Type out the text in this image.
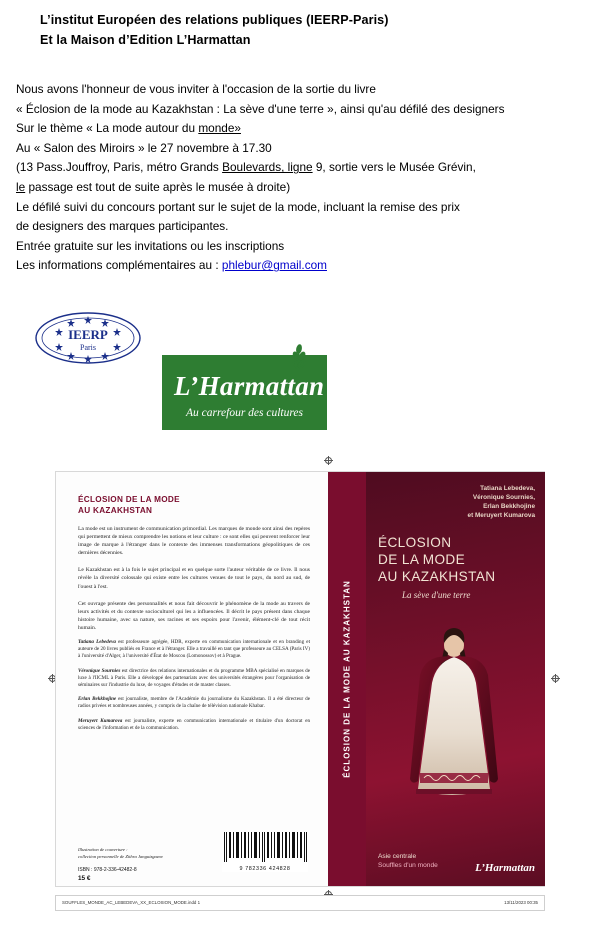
L’institut Européen des relations publiques (IEERP-Paris)
Et la Maison d’Edition L’Harmattan
Nous avons l'honneur de vous inviter à l'occasion de la sortie du livre
« Éclosion de la mode au Kazakhstan : La sève d'une terre », ainsi qu'au défilé des designers
Sur le thème « La mode autour du monde»
Au « Salon des Miroirs » le 27 novembre à 17.30
(13 Pass.Jouffroy, Paris, métro Grands Boulevards, ligne 9, sortie vers le Musée Grévin,
le passage est tout de suite après le musée à droite)
Le défilé suivi du concours portant sur le sujet de la mode, incluant la remise des prix
de designers des marques participantes.
Entrée gratuite sur les invitations ou les inscriptions
Les informations complémentaires au : phlebur@gmail.com
IEERP
Paris
L’Harmattan
Au carrefour des cultures
ÉCLOSION DE LA MODE
AU KAZAKHSTAN
La mode est un instrument de communication primordial. Les marques de monde sont ainsi des repères qui permettent de mieux comprendre les notions et leur culture : ce sont elles qui peuvent renforcer leur image de marque à l'étranger dans le contexte des immenses transformations géopolitiques de ces dernières décennies.
Le Kazakhstan est à la fois le sujet principal et en quelque sorte l'auteur véritable de ce livre. Il nous révèle la diversité colossale qui existe entre les cultures venues de tout le pays, du nord au sud, de l'ouest à l'est.
Cet ouvrage présente des personnalités et nous fait découvrir le phénomène de la mode au travers de leurs activités et du contexte socioculturel qui les a influencées. Il décrit le pays présent dans chaque histoire humaine, avec sa nature, ses racines et ses espoirs pour l'avenir, élément-clé de tout récit humain.
Tatiana Lebedeva est professeure agrégée, HDR, experte en communication internationale et en branding et auteure de 20 livres publiés en France et à l'étranger. Elle a travaillé en tant que professeure au CELSA (Paris IV) à l'université d'Alger, à l'université d'État de Moscou (Lomonossov) et à Prague.
Véronique Sournies est directrice des relations internationales et du programme MBA spécialisé en marques de luxe à l'IICML à Paris. Elle a développé des partenariats avec des universités étrangères pour l'organisation de séminaires sur l'industrie du luxe, de voyages d'études et de master classes.
Erlan Bekkhojine est journaliste, membre de l'Académie du journalisme du Kazakhstan. Il a été directeur de radios privées et nombreuses années, y compris de la chaîne de télévision nationale Khabar.
Meruyert Kumarova est journaliste, experte en communication internationale et titulaire d'un doctorat en sciences de l'information et de la communication.
Illustration de couverture :
collection personnelle de Zithra Janguizgazov
ISBN : 978-2-336-42482-8
15 €
9 782336 424828
ÉCLOSION DE LA MODE AU KAZAKHSTAN
Tatiana Lebedeva,
Véronique Sournies,
Erlan Bekkhojine
et Meruyert Kumarova
ÉCLOSION
DE LA MODE
AU KAZAKHSTAN
La sève d'une terre
Asie centrale
Souffles d'un monde	L’Harmattan
SOUFFLES_MONDE_AC_LEBEDEVA_XX_ECLOSION_MODE.indd 1	13/11/2023 00:35
